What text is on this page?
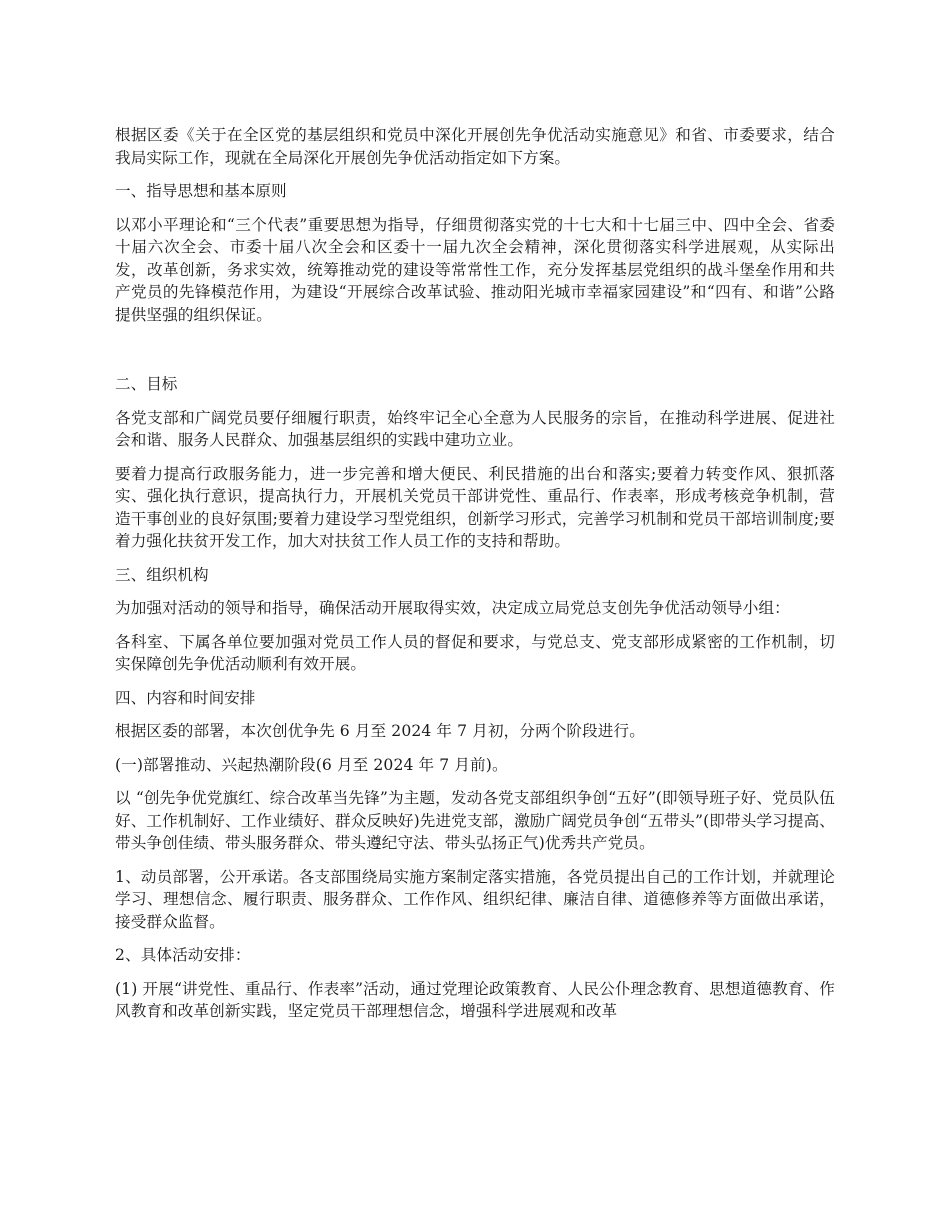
根据区委《关于在全区党的基层组织和党员中深化开展创先争优活动实施意见》和省、市委要求，结合我局实际工作，现就在全局深化开展创先争优活动指定如下方案。

一、指导思想和基本原则

以邓小平理论和“三个代表”重要思想为指导，仔细贯彻落实党的十七大和十七届三中、四中全会、省委十届六次全会、市委十届八次全会和区委十一届九次全会精神，深化贯彻落实科学进展观，从实际出发，改革创新，务求实效，统筹推动党的建设等常常性工作，充分发挥基层党组织的战斗堡垒作用和共产党员的先锋模范作用，为建设“开展综合改革试验、推动阳光城市幸福家园建设”和“四有、和谐”公路提供坚强的组织保证。

二、目标

各党支部和广阔党员要仔细履行职责，始终牢记全心全意为人民服务的宗旨，在推动科学进展、促进社会和谐、服务人民群众、加强基层组织的实践中建功立业。

要着力提高行政服务能力，进一步完善和增大便民、利民措施的出台和落实;要着力转变作风、狠抓落实、强化执行意识，提高执行力，开展机关党员干部讲党性、重品行、作表率，形成考核竞争机制，营造干事创业的良好氛围;要着力建设学习型党组织，创新学习形式，完善学习机制和党员干部培训制度;要着力强化扶贫开发工作，加大对扶贫工作人员工作的支持和帮助。

三、组织机构

为加强对活动的领导和指导，确保活动开展取得实效，决定成立局党总支创先争优活动领导小组：

各科室、下属各单位要加强对党员工作人员的督促和要求，与党总支、党支部形成紧密的工作机制，切实保障创先争优活动顺利有效开展。

四、内容和时间安排

根据区委的部署，本次创优争先 6 月至 2024 年 7 月初，分两个阶段进行。

(一)部署推动、兴起热潮阶段(6 月至 2024 年 7 月前)。

以 “创先争优党旗红、综合改革当先锋”为主题，发动各党支部组织争创“五好”(即领导班子好、党员队伍好、工作机制好、工作业绩好、群众反映好)先进党支部，激励广阔党员争创“五带头”(即带头学习提高、带头争创佳绩、带头服务群众、带头遵纪守法、带头弘扬正气)优秀共产党员。

1、动员部署，公开承诺。各支部围绕局实施方案制定落实措施，各党员提出自己的工作计划，并就理论学习、理想信念、履行职责、服务群众、工作作风、组织纪律、廉洁自律、道德修养等方面做出承诺，接受群众监督。

2、具体活动安排：

(1) 开展“讲党性、重品行、作表率”活动，通过党理论政策教育、人民公仆理念教育、思想道德教育、作风教育和改革创新实践，坚定党员干部理想信念，增强科学进展观和改革
